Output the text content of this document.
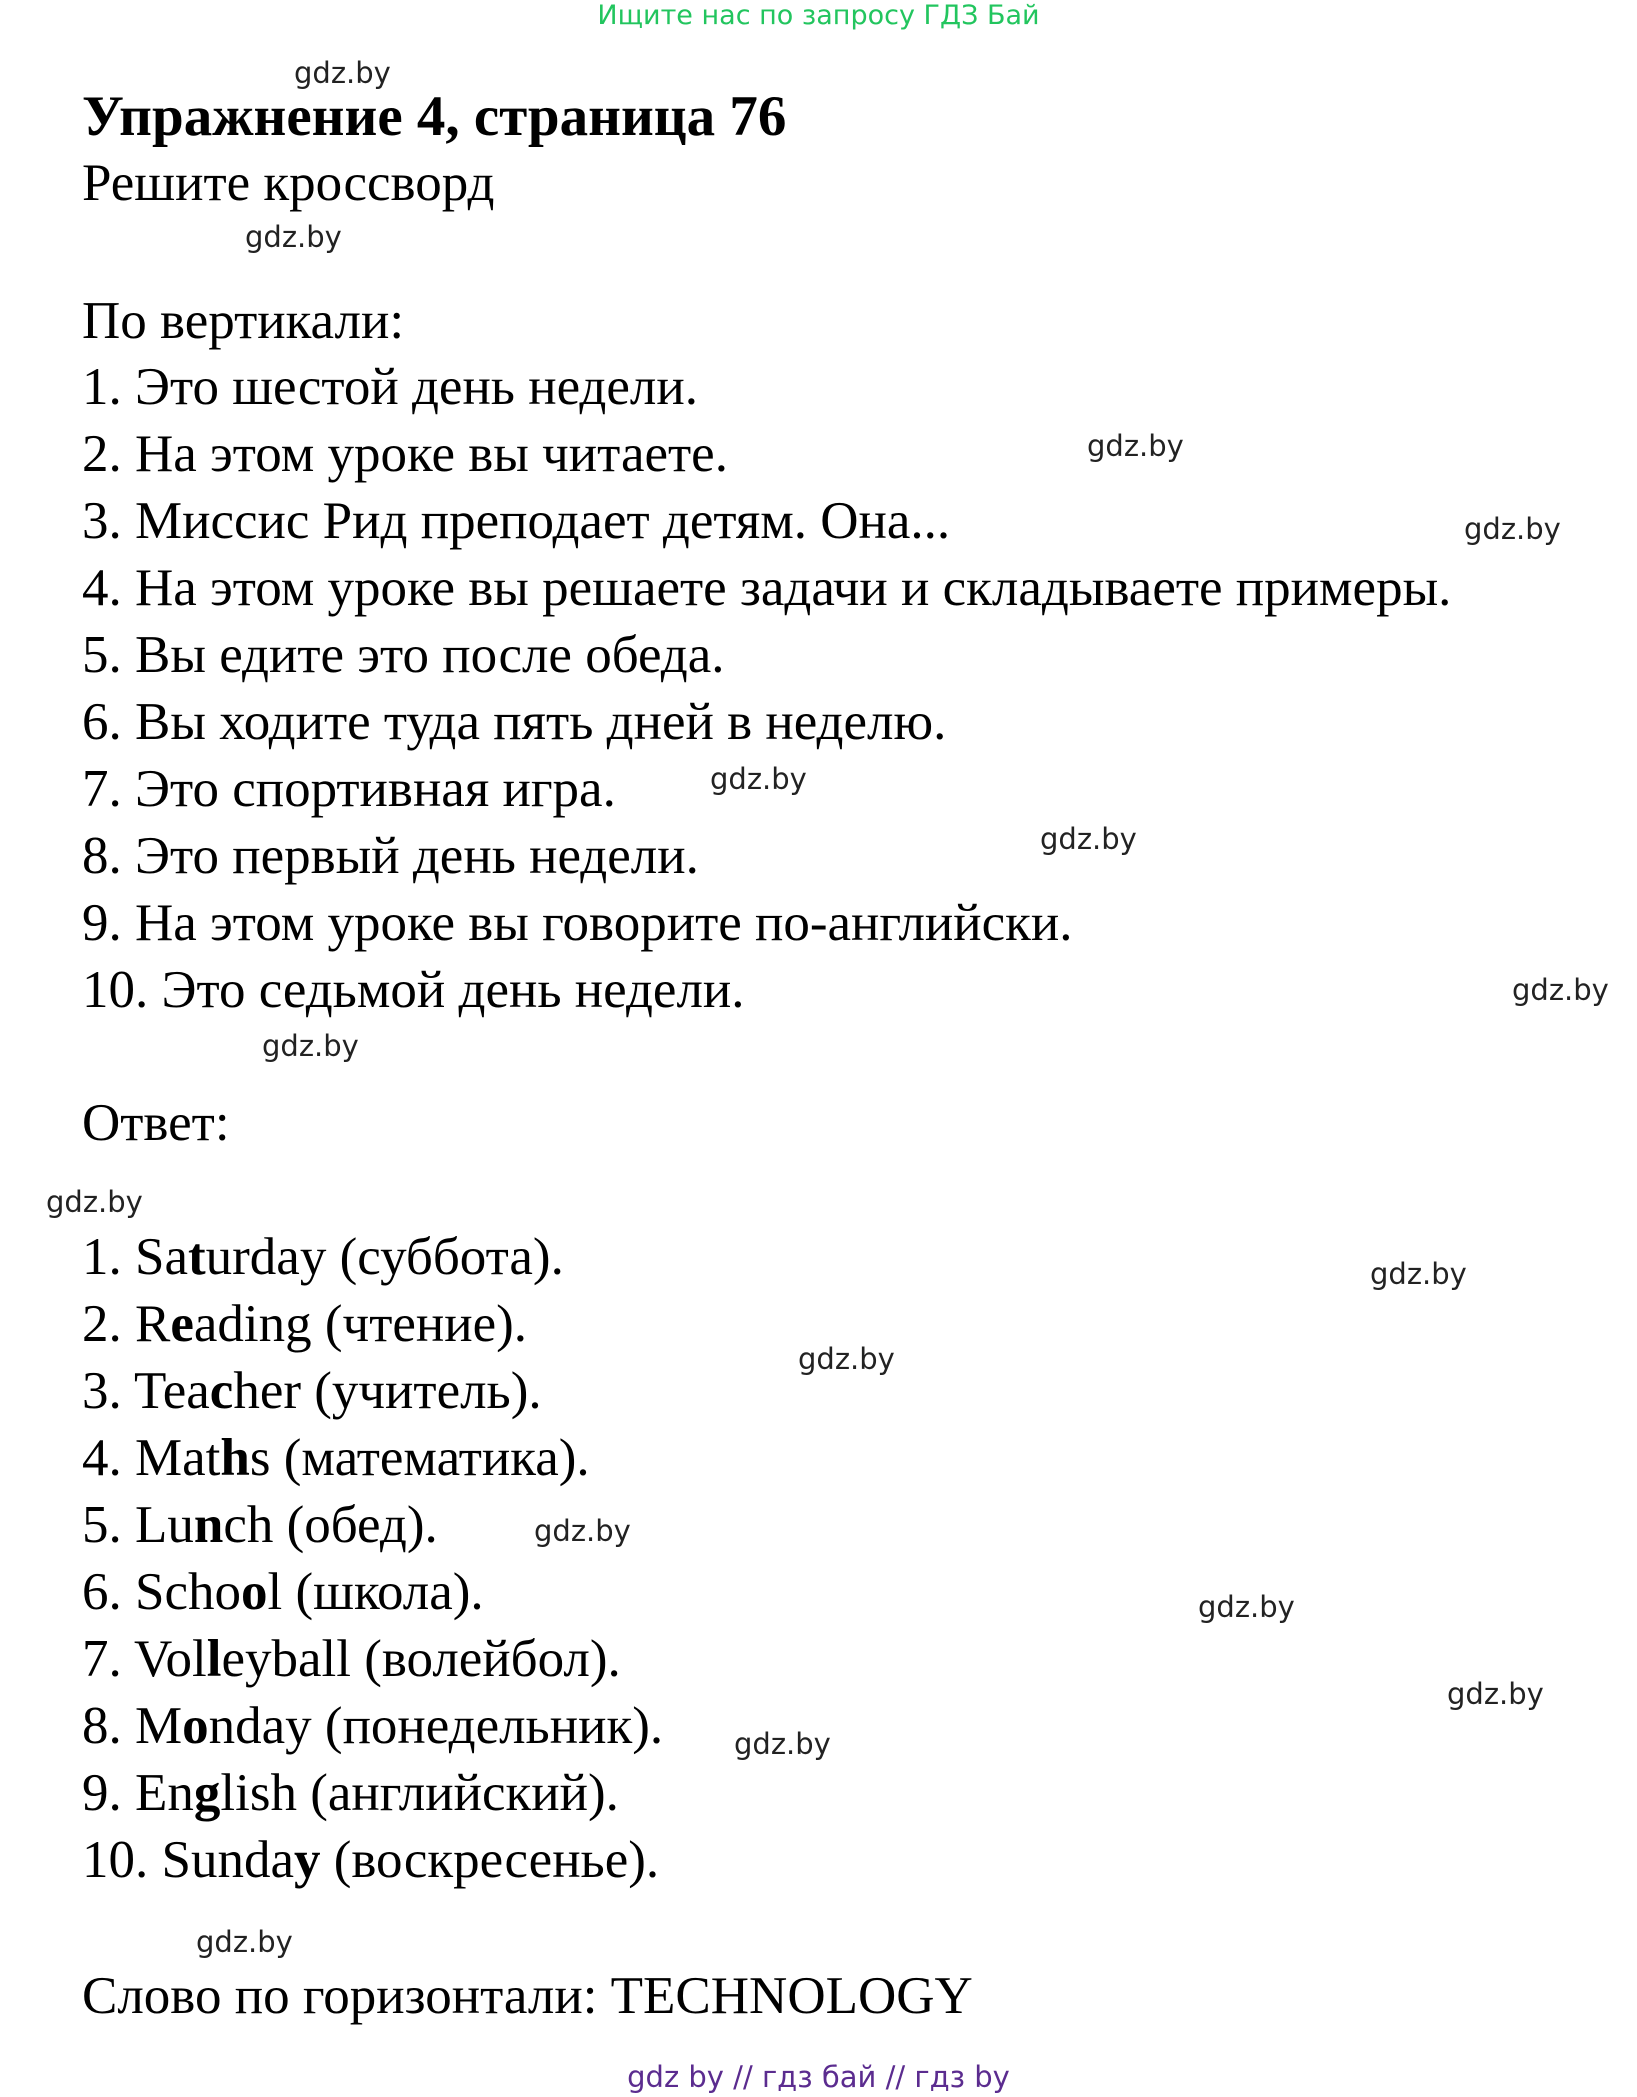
Ищите нас по запросу ГДЗ Бай
gdz.by
Упражнение 4, страница 76
Решите кроссворд
gdz.by
По вертикали:
1. Это шестой день недели.
2. На этом уроке вы читаете.	gdz.by
3. Миссис Рид преподает детям. Она...	gdz.by
4. На этом уроке вы решаете задачи и складываете примеры.
5. Вы едите это после обеда.
6. Вы ходите туда пять дней в неделю.
7. Это спортивная игра.	gdz.by
gdz.by
8. Это первый день недели.
9. На этом уроке вы говорите по-английски.
10. Это седьмой день недели.	gdz.by
gdz.by
Ответ:
gdz.by
1. Saturday (суббота).	gdz.by
2. Reading (чтение).
gdz.by
3. Teacher (учитель).
4. Maths (математика).
5. Lunch (обед).	gdz.by
6. School (школа).	gdz.by
7. Volleyball (волейбол).
gdz.by
8. Monday (понедельник). gdz.by
9. English (английский).
10. Sunday (воскресенье).
gdz.by
Слово по горизонтали: TECHNOLOGY
gdz by // гдз бай // гдз by
